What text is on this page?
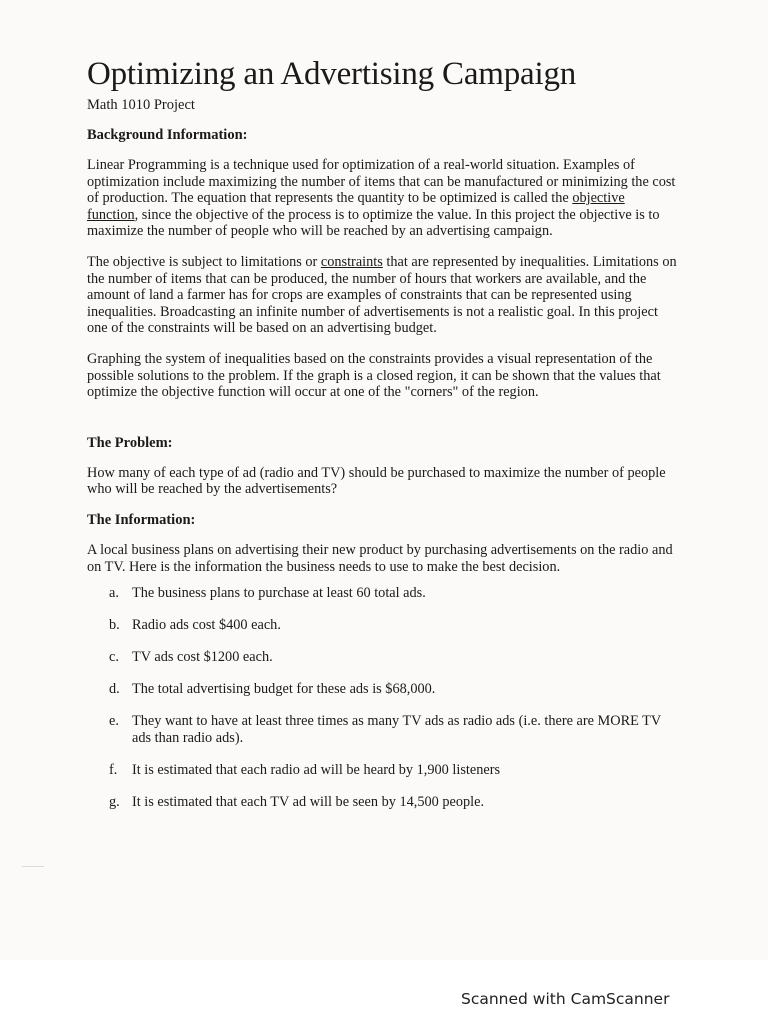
Optimizing an Advertising Campaign
Math 1010 Project
Background Information:

Linear Programming is a technique used for optimization of a real-world situation. Examples of optimization include maximizing the number of items that can be manufactured or minimizing the cost of production. The equation that represents the quantity to be optimized is called the objective function, since the objective of the process is to optimize the value. In this project the objective is to maximize the number of people who will be reached by an advertising campaign.

The objective is subject to limitations or constraints that are represented by inequalities. Limitations on the number of items that can be produced, the number of hours that workers are available, and the amount of land a farmer has for crops are examples of constraints that can be represented using inequalities. Broadcasting an infinite number of advertisements is not a realistic goal. In this project one of the constraints will be based on an advertising budget.

Graphing the system of inequalities based on the constraints provides a visual representation of the possible solutions to the problem. If the graph is a closed region, it can be shown that the values that optimize the objective function will occur at one of the "corners" of the region.

The Problem:

How many of each type of ad (radio and TV) should be purchased to maximize the number of people who will be reached by the advertisements?

The Information:

A local business plans on advertising their new product by purchasing advertisements on the radio and on TV. Here is the information the business needs to use to make the best decision.

a. The business plans to purchase at least 60 total ads.
b. Radio ads cost $400 each.
c. TV ads cost $1200 each.
d. The total advertising budget for these ads is $68,000.
e. They want to have at least three times as many TV ads as radio ads (i.e. there are MORE TV ads than radio ads).
f. It is estimated that each radio ad will be heard by 1,900 listeners
g. It is estimated that each TV ad will be seen by 14,500 people.
Scanned with CamScanner
